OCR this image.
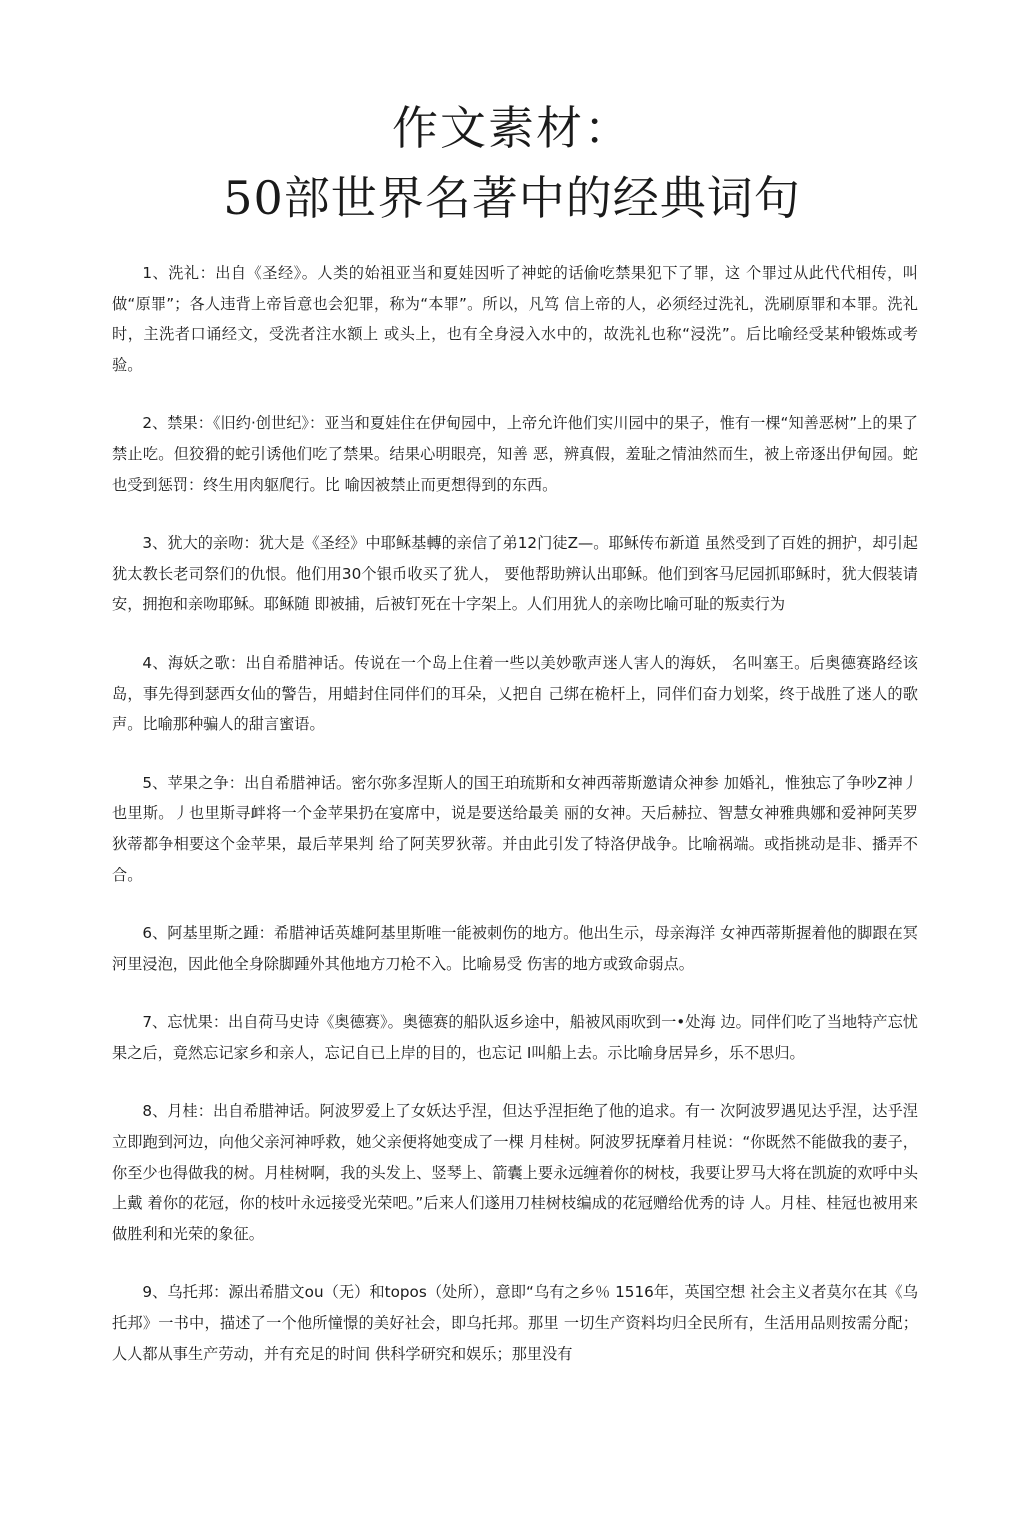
作文素材：
50部世界名著中的经典词句

1、洗礼：出自《圣经》。人类的始祖亚当和夏娃因听了神蛇的话偷吃禁果犯下了罪，这 个罪过从此代代相传，叫做“原罪”；各人违背上帝旨意也会犯罪，称为“本罪”。所以，凡笃 信上帝的人，必须经过洗礼，洗刷原罪和本罪。洗礼时，主洗者口诵经文，受洗者注水额上 或头上，也有全身浸入水中的，故洗礼也称“浸洗”。后比喻经受某种锻炼或考验。

2、禁果：《旧约·创世纪》：亚当和夏娃住在伊甸园中，上帝允许他们实川园中的果子，惟有一棵“知善恶树”上的果了禁止吃。但狡猾的蛇引诱他们吃了禁果。结果心明眼亮，知善 恶，辨真假，羞耻之情油然而生，被上帝逐出伊甸园。蛇也受到惩罚：终生用肉躯爬行。比 喻因被禁止而更想得到的东西。

3、犹大的亲吻：犹大是《圣经》中耶稣基轉的亲信了弟12门徒Z—。耶稣传布新道 虽然受到了百姓的拥护，却引起犹太教长老司祭们的仇恨。他们用30个银币收买了犹人， 要他帮助辨认出耶稣。他们到客马尼园抓耶稣时，犹大假装请安，拥抱和亲吻耶稣。耶稣随 即被捕，后被钉死在十字架上。人们用犹人的亲吻比喻可耻的叛卖行为

4、海妖之歌：出自希腊神话。传说在一个岛上住着一些以美妙歌声迷人害人的海妖， 名叫塞王。后奥德赛路经该岛，事先得到瑟西女仙的警告，用蜡封住同伴们的耳朵，乂把自 己绑在桅杆上，同伴们奋力划桨，终于战胜了迷人的歌声。比喻那种骗人的甜言蜜语。

5、苹果之争：出自希腊神话。密尔弥多涅斯人的国王珀琉斯和女神西蒂斯邀请众神参 加婚礼，惟独忘了争吵Z神丿也里斯。丿也里斯寻衅将一个金苹果扔在宴席中，说是要送给最美 丽的女神。天后赫拉、智慧女神雅典娜和爱神阿芙罗狄蒂都争相要这个金苹果，最后苹果判 给了阿芙罗狄蒂。并由此引发了特洛伊战争。比喻祸端。或指挑动是非、播弄不合。

6、阿基里斯之踵：希腊神话英雄阿基里斯唯一能被刺伤的地方。他出生示，母亲海洋 女神西蒂斯握着他的脚跟在冥河里浸泡，因此他全身除脚踵外其他地方刀枪不入。比喻易受 伤害的地方或致命弱点。

7、忘忧果：出自荷马史诗《奥德赛》。奥德赛的船队返乡途中，船被风雨吹到一•处海 边。同伴们吃了当地特产忘忧果之后，竟然忘记家乡和亲人，忘记自已上岸的目的，也忘记 I叫船上去。示比喻身居异乡，乐不思归。

8、月桂：出自希腊神话。阿波罗爱上了女妖达乎涅，但达乎涅拒绝了他的追求。有一 次阿波罗遇见达乎涅，达乎涅立即跑到河边，向他父亲河神呼救，她父亲便将她变成了一棵 月桂树。阿波罗抚摩着月桂说：“你既然不能做我的妻子，你至少也得做我的树。月桂树啊，我的头发上、竖琴上、箭囊上要永远缠着你的树枝，我要让罗马大将在凯旋的欢呼中头上戴 着你的花冠，你的枝叶永远接受光荣吧。”后来人们遂用刀桂树枝编成的花冠赠给优秀的诗 人。月桂、桂冠也被用来做胜利和光荣的象征。

9、乌托邦：源出希腊文ou（无）和topos（处所），意即“乌有之乡％ 1516年，英国空想 社会主义者莫尔在其《乌托邦》一书中，描述了一个他所憧憬的美好社会，即乌托邦。那里 一切生产资料均归全民所有，生活用品则按需分配；人人都从事生产劳动，并有充足的时间 供科学研究和娱乐；那里没有
